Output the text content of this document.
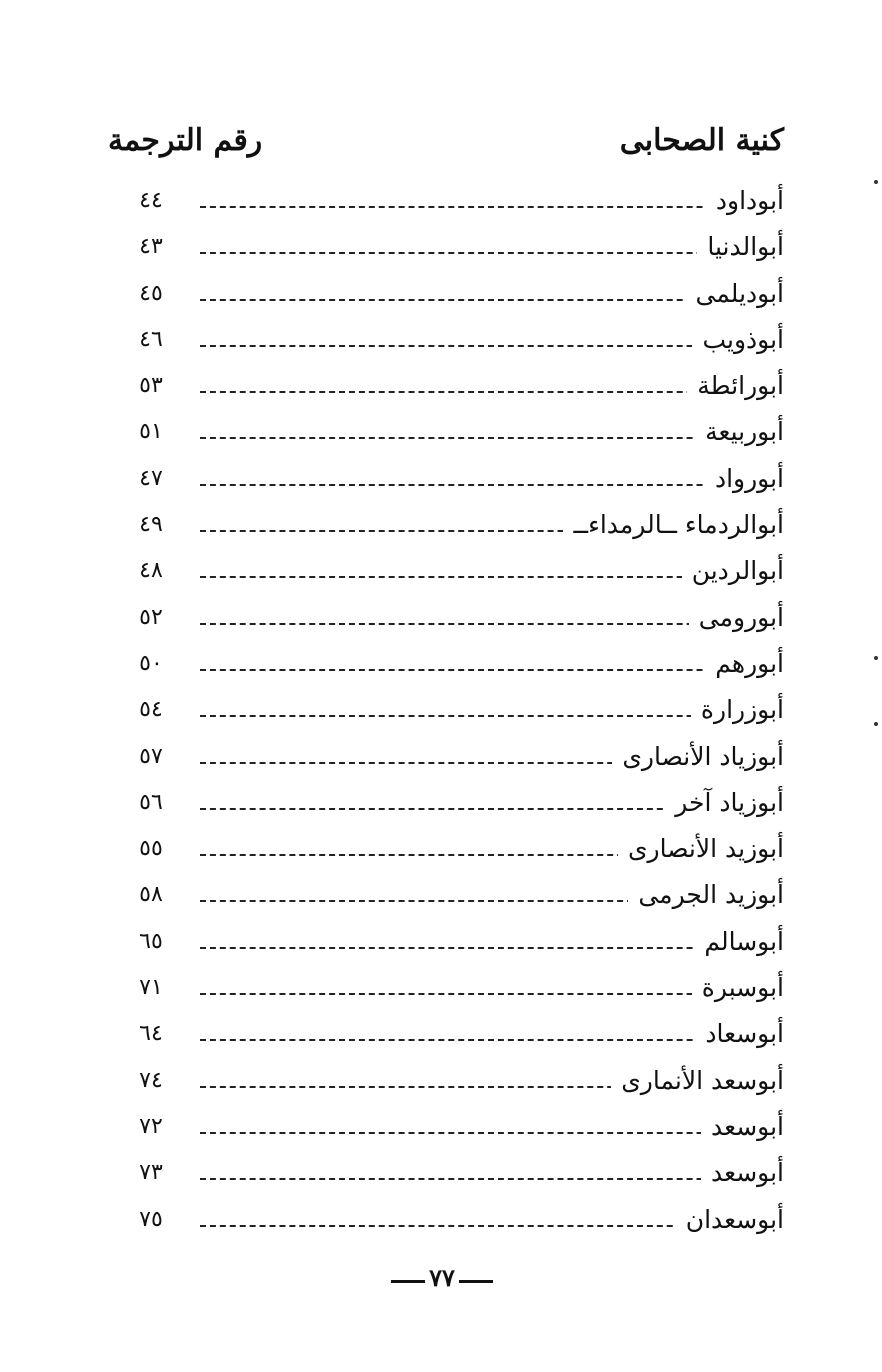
كنية الصحابى
رقم الترجمة
أبوداود
٤٤
أبوالدنيا
٤٣
أبوديلمى
٤٥
أبوذويب
٤٦
أبورائطة
٥٣
أبوربيعة
٥١
أبورواد
٤٧
أبوالردماء ــالرمداءــ
٤٩
أبوالردين
٤٨
أبورومى
٥٢
أبورهم
٥٠
أبوزرارة
٥٤
أبوزياد الأنصارى
٥٧
أبوزياد آخر
٥٦
أبوزيد الأنصارى
٥٥
أبوزيد الجرمى
٥٨
أبوسالم
٦٥
أبوسبرة
٧١
أبوسعاد
٦٤
أبوسعد الأنمارى
٧٤
أبوسعد
٧٢
أبوسعد
٧٣
أبوسعدان
٧٥
٧٧
